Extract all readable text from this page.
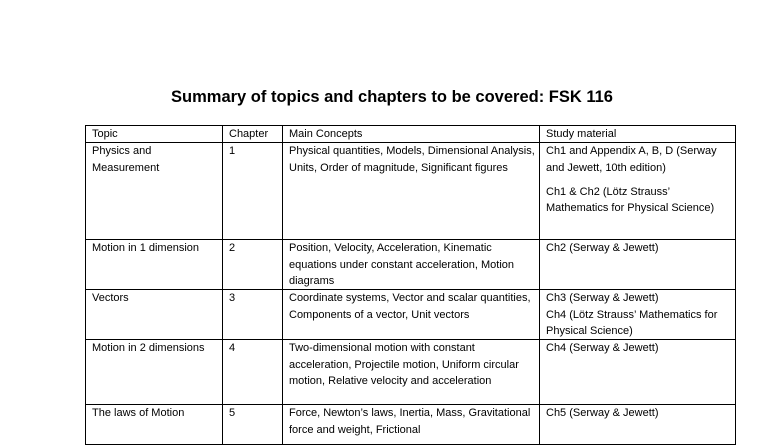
Summary of topics and chapters to be covered: FSK 116
Topic	Chapter	Main Concepts	Study material
Physics and Measurement	1	Physical quantities, Models, Dimensional Analysis, Units, Order of magnitude, Significant figures	Ch1 and Appendix A, B, D (Serway and Jewett, 10th edition)
Ch1 & Ch2 (Lötz Strauss’ Mathematics for Physical Science)

Motion in 1 dimension	2	Position, Velocity, Acceleration, Kinematic equations under constant acceleration, Motion diagrams	Ch2 (Serway & Jewett)

Vectors	3	Coordinate systems, Vector and scalar quantities, Components of a vector, Unit vectors	Ch3 (Serway & Jewett)
Ch4 (Lötz Strauss’ Mathematics for Physical Science)

Motion in 2 dimensions	4	Two-dimensional motion with constant acceleration, Projectile motion, Uniform circular motion, Relative velocity and acceleration	Ch4 (Serway & Jewett)

The laws of Motion	5	Force, Newton’s laws, Inertia, Mass, Gravitational force and weight, Frictional	Ch5 (Serway & Jewett)
